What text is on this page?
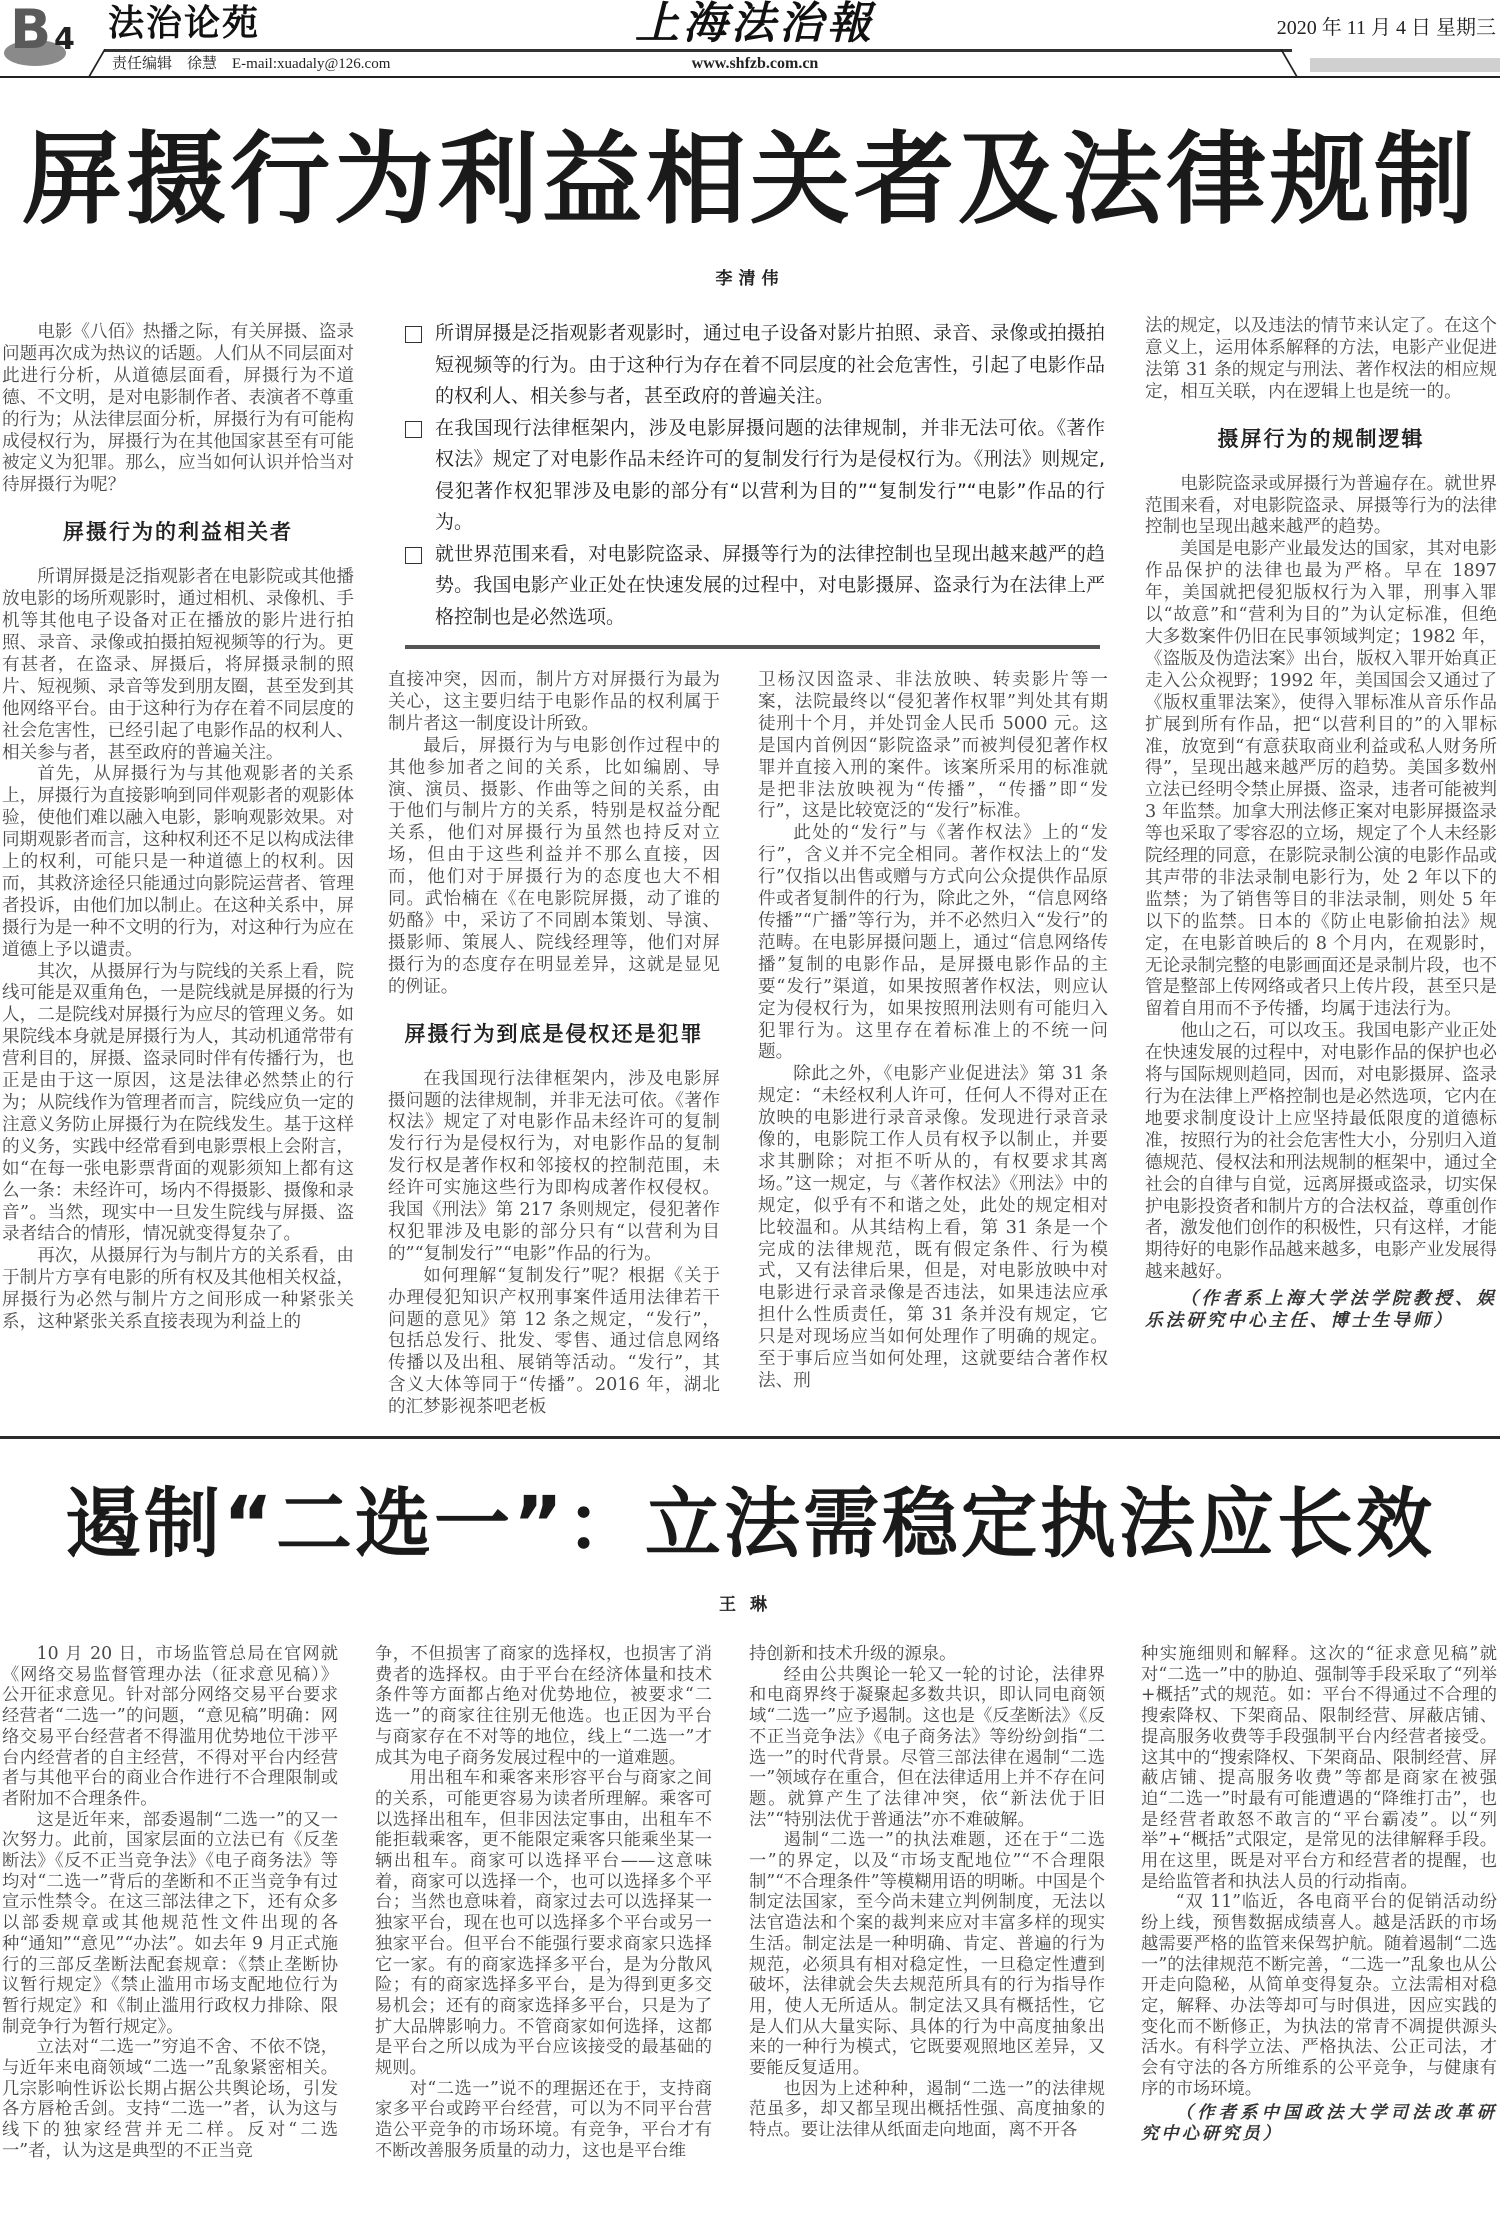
B 4 法治论苑	上海法治報	2020 年 11 月 4 日 星期三
责任编辑　徐慧　E-mail:xuadaly@126.com	www.shfzb.com.cn
屏摄行为利益相关者及法律规制
李清伟
所谓屏摄是泛指观影者观影时，通过电子设备对影片拍照、录音、录像或拍摄拍短视频等的行为。由于这种行为存在着不同层度的社会危害性，引起了电影作品的权利人、相关参与者，甚至政府的普遍关注。
在我国现行法律框架内，涉及电影屏摄问题的法律规制，并非无法可依。《著作权法》规定了对电影作品未经许可的复制发行行为是侵权行为。《刑法》则规定,侵犯著作权犯罪涉及电影的部分有“以营利为目的”“复制发行”“电影”作品的行为。
就世界范围来看，对电影院盗录、屏摄等行为的法律控制也呈现出越来越严的趋势。我国电影产业正处在快速发展的过程中，对电影摄屏、盗录行为在法律上严格控制也是必然选项。

电影《八佰》热播之际，有关屏摄、盗录问题再次成为热议的话题。人们从不同层面对此进行分析，从道德层面看，屏摄行为不道德、不文明，是对电影制作者、表演者不尊重的行为；从法律层面分析，屏摄行为有可能构成侵权行为，屏摄行为在其他国家甚至有可能被定义为犯罪。那么，应当如何认识并恰当对待屏摄行为呢？

屏摄行为的利益相关者

所谓屏摄是泛指观影者在电影院或其他播放电影的场所观影时，通过相机、录像机、手机等其他电子设备对正在播放的影片进行拍照、录音、录像或拍摄拍短视频等的行为。更有甚者，在盗录、屏摄后，将屏摄录制的照片、短视频、录音等发到朋友圈，甚至发到其他网络平台。由于这种行为存在着不同层度的社会危害性，已经引起了电影作品的权利人、相关参与者，甚至政府的普遍关注。

首先，从屏摄行为与其他观影者的关系上，屏摄行为直接影响到同伴观影者的观影体验，使他们难以融入电影，影响观影效果。对同期观影者而言，这种权利还不足以构成法律上的权利，可能只是一种道德上的权利。因而，其救济途径只能通过向影院运营者、管理者投诉，由他们加以制止。在这种关系中，屏摄行为是一种不文明的行为，对这种行为应在道德上予以谴责。

其次，从摄屏行为与院线的关系上看，院线可能是双重角色，一是院线就是屏摄的行为人，二是院线对屏摄行为应尽的管理义务。如果院线本身就是屏摄行为人，其动机通常带有营利目的，屏摄、盗录同时伴有传播行为，也正是由于这一原因，这是法律必然禁止的行为；从院线作为管理者而言，院线应负一定的注意义务防止屏摄行为在院线发生。基于这样的义务，实践中经常看到电影票根上会附言，如“在每一张电影票背面的观影须知上都有这么一条：未经许可，场内不得摄影、摄像和录音”。当然，现实中一旦发生院线与屏摄、盗录者结合的情形，情况就变得复杂了。

再次，从摄屏行为与制片方的关系看，由于制片方享有电影的所有权及其他相关权益，屏摄行为必然与制片方之间形成一种紧张关系，这种紧张关系直接表现为利益上的

直接冲突，因而，制片方对屏摄行为最为关心，这主要归结于电影作品的权利属于制片者这一制度设计所致。

最后，屏摄行为与电影创作过程中的其他参加者之间的关系，比如编剧、导演、演员、摄影、作曲等之间的关系，由于他们与制片方的关系，特别是权益分配关系，他们对屏摄行为虽然也持反对立场，但由于这些利益并不那么直接，因而，他们对于屏摄行为的态度也大不相同。武怡楠在《在电影院屏摄，动了谁的奶酪》中，采访了不同剧本策划、导演、摄影师、策展人、院线经理等，他们对屏摄行为的态度存在明显差异，这就是显见的例证。

屏摄行为到底是侵权还是犯罪

在我国现行法律框架内，涉及电影屏摄问题的法律规制，并非无法可依。《著作权法》规定了对电影作品未经许可的复制发行行为是侵权行为，对电影作品的复制发行权是著作权和邻接权的控制范围，未经许可实施这些行为即构成著作权侵权。我国《刑法》第 217 条则规定，侵犯著作权犯罪涉及电影的部分只有“以营利为目的”“复制发行”“电影”作品的行为。

如何理解“复制发行”呢？根据《关于办理侵犯知识产权刑事案件适用法律若干问题的意见》第 12 条之规定，“发行”，包括总发行、批发、零售、通过信息网络传播以及出租、展销等活动。“发行”，其含义大体等同于“传播”。2016 年，湖北的汇梦影视茶吧老板

卫杨汉因盗录、非法放映、转卖影片等一案，法院最终以“侵犯著作权罪”判处其有期徒刑十个月，并处罚金人民币 5000 元。这是国内首例因“影院盗录”而被判侵犯著作权罪并直接入刑的案件。该案所采用的标准就是把非法放映视为“传播”，“传播”即“发行”，这是比较宽泛的“发行”标准。

此处的“发行”与《著作权法》上的“发行”，含义并不完全相同。著作权法上的“发行”仅指以出售或赠与方式向公众提供作品原件或者复制件的行为，除此之外，“信息网络传播”“广播”等行为，并不必然归入“发行”的范畴。在电影屏摄问题上，通过“信息网络传播”复制的电影作品，是屏摄电影作品的主要“发行”渠道，如果按照著作权法，则应认定为侵权行为，如果按照刑法则有可能归入犯罪行为。这里存在着标准上的不统一问题。

除此之外，《电影产业促进法》第 31 条规定：“未经权利人许可，任何人不得对正在放映的电影进行录音录像。发现进行录音录像的，电影院工作人员有权予以制止，并要求其删除；对拒不听从的，有权要求其离场。”这一规定，与《著作权法》《刑法》中的规定，似乎有不和谐之处，此处的规定相对比较温和。从其结构上看，第 31 条是一个完成的法律规范，既有假定条件、行为模式，又有法律后果，但是，对电影放映中对电影进行录音录像是否违法，如果违法应承担什么性质责任，第 31 条并没有规定，它只是对现场应当如何处理作了明确的规定。至于事后应当如何处理，这就要结合著作权法、刑

法的规定，以及违法的情节来认定了。在这个意义上，运用体系解释的方法，电影产业促进法第 31 条的规定与刑法、著作权法的相应规定，相互关联，内在逻辑上也是统一的。

摄屏行为的规制逻辑

电影院盗录或屏摄行为普遍存在。就世界范围来看，对电影院盗录、屏摄等行为的法律控制也呈现出越来越严的趋势。

美国是电影产业最发达的国家，其对电影作品保护的法律也最为严格。早在 1897 年，美国就把侵犯版权行为入罪，刑事入罪以“故意”和“营利为目的”为认定标准，但绝大多数案件仍旧在民事领域判定；1982 年，《盗版及伪造法案》出台，版权入罪开始真正走入公众视野；1992 年，美国国会又通过了《版权重罪法案》，使得入罪标准从音乐作品扩展到所有作品，把“以营利目的”的入罪标准，放宽到“有意获取商业利益或私人财务所得”，呈现出越来越严厉的趋势。美国多数州立法已经明令禁止屏摄、盗录，违者可能被判 3 年监禁。加拿大刑法修正案对电影屏摄盗录等也采取了零容忍的立场，规定了个人未经影院经理的同意，在影院录制公演的电影作品或其声带的非法录制电影行为，处 2 年以下的监禁；为了销售等目的非法录制，则处 5 年以下的监禁。日本的《防止电影偷拍法》规定，在电影首映后的 8 个月内，在观影时，无论录制完整的电影画面还是录制片段，也不管是整部上传网络或者只上传片段，甚至只是留着自用而不予传播，均属于违法行为。

他山之石，可以攻玉。我国电影产业正处在快速发展的过程中，对电影作品的保护也必将与国际规则趋同，因而，对电影摄屏、盗录行为在法律上严格控制也是必然选项，它内在地要求制度设计上应坚持最低限度的道德标准，按照行为的社会危害性大小，分别归入道德规范、侵权法和刑法规制的框架中，通过全社会的自律与自觉，远离屏摄或盗录，切实保护电影投资者和制片方的合法权益，尊重创作者，激发他们创作的积极性，只有这样，才能期待好的电影作品越来越多，电影产业发展得越来越好。

（作者系上海大学法学院教授、娱乐法研究中心主任、博士生导师）

遏制“二选一”：立法需稳定执法应长效
王琳

10 月 20 日，市场监管总局在官网就《网络交易监督管理办法（征求意见稿）》公开征求意见。针对部分网络交易平台要求经营者“二选一”的问题，“意见稿”明确：网络交易平台经营者不得滥用优势地位干涉平台内经营者的自主经营，不得对平台内经营者与其他平台的商业合作进行不合理限制或者附加不合理条件。

这是近年来，部委遏制“二选一”的又一次努力。此前，国家层面的立法已有《反垄断法》《反不正当竞争法》《电子商务法》等均对“二选一”背后的垄断和不正当竞争有过宣示性禁令。在这三部法律之下，还有众多以部委规章或其他规范性文件出现的各种“通知”“意见”“办法”。如去年 9 月正式施行的三部反垄断法配套规章：《禁止垄断协议暂行规定》《禁止滥用市场支配地位行为暂行规定》和《制止滥用行政权力排除、限制竞争行为暂行规定》。

立法对“二选一”穷追不舍、不依不饶，与近年来电商领域“二选一”乱象紧密相关。几宗影响性诉讼长期占据公共舆论场，引发各方唇枪舌剑。支持“二选一”者，认为这与线下的独家经营并无二样。反对“二选一”者，认为这是典型的不正当竞

争，不但损害了商家的选择权，也损害了消费者的选择权。由于平台在经济体量和技术条件等方面都占绝对优势地位，被要求“二选一”的商家往往别无他选。也正因为平台与商家存在不对等的地位，线上“二选一”才成其为电子商务发展过程中的一道难题。

用出租车和乘客来形容平台与商家之间的关系，可能更容易为读者所理解。乘客可以选择出租车，但非因法定事由，出租车不能拒载乘客，更不能限定乘客只能乘坐某一辆出租车。商家可以选择平台——这意味着，商家可以选择一个，也可以选择多个平台；当然也意味着，商家过去可以选择某一独家平台，现在也可以选择多个平台或另一独家平台。但平台不能强行要求商家只选择它一家。有的商家选择多平台，是为分散风险；有的商家选择多平台，是为得到更多交易机会；还有的商家选择多平台，只是为了扩大品牌影响力。不管商家如何选择，这都是平台之所以成为平台应该接受的最基础的规则。

对“二选一”说不的理据还在于，支持商家多平台或跨平台经营，可以为不同平台营造公平竞争的市场环境。有竞争，平台才有不断改善服务质量的动力，这也是平台维

持创新和技术升级的源泉。

经由公共舆论一轮又一轮的讨论，法律界和电商界终于凝聚起多数共识，即认同电商领域“二选一”应予遏制。这也是《反垄断法》《反不正当竞争法》《电子商务法》等纷纷剑指“二选一”的时代背景。尽管三部法律在遏制“二选一”领域存在重合，但在法律适用上并不存在问题。就算产生了法律冲突，依“新法优于旧法”“特别法优于普通法”亦不难破解。

遏制“二选一”的执法难题，还在于“二选一”的界定，以及“市场支配地位”“不合理限制”“不合理条件”等模糊用语的明晰。中国是个制定法国家，至今尚未建立判例制度，无法以法官造法和个案的裁判来应对丰富多样的现实生活。制定法是一种明确、肯定、普遍的行为规范，必须具有相对稳定性，一旦稳定性遭到破坏，法律就会失去规范所具有的行为指导作用，使人无所适从。制定法又具有概括性，它是人们从大量实际、具体的行为中高度抽象出来的一种行为模式，它既要观照地区差异，又要能反复适用。

也因为上述种种，遏制“二选一”的法律规范虽多，却又都呈现出概括性强、高度抽象的特点。要让法律从纸面走向地面，离不开各

种实施细则和解释。这次的“征求意见稿”就对“二选一”中的胁迫、强制等手段采取了“列举+概括”式的规范。如：平台不得通过不合理的搜索降权、下架商品、限制经营、屏蔽店铺、提高服务收费等手段强制平台内经营者接受。这其中的“搜索降权、下架商品、限制经营、屏蔽店铺、提高服务收费”等都是商家在被强迫“二选一”时最有可能遭遇的“降维打击”，也是经营者敢怒不敢言的“平台霸凌”。以“列举”+“概括”式限定，是常见的法律解释手段。用在这里，既是对平台方和经营者的提醒，也是给监管者和执法人员的行动指南。

“双 11”临近，各电商平台的促销活动纷纷上线，预售数据成绩喜人。越是活跃的市场越需要严格的监管来保驾护航。随着遏制“二选一”的法律规范不断完善，“二选一”乱象也从公开走向隐秘，从简单变得复杂。立法需相对稳定，解释、办法等却可与时俱进，因应实践的变化而不断修正，为执法的常青不凋提供源头活水。有科学立法、严格执法、公正司法，才会有守法的各方所维系的公平竞争，与健康有序的市场环境。

（作者系中国政法大学司法改革研究中心研究员）
